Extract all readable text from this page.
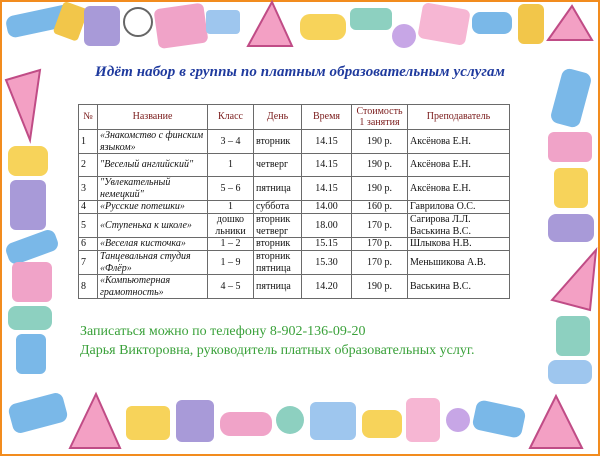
Идёт набор в группы по платным образовательным услугам
№	Название	Класс	День	Время	Стоимость 1 занятия	Преподаватель
1	«Знакомство с финским языком»	3 – 4	вторник	14.15	190 р.	Аксёнова Е.Н.
2	"Веселый английский"	1	четверг	14.15	190 р.	Аксёнова Е.Н.
3	"Увлекательный немецкий"	5 – 6	пятница	14.15	190 р.	Аксёнова Е.Н.
4	«Русские потешки»	1	суббота	14.00	160 р.	Гаврилова О.С.
5	«Ступенька к школе»	дошко льники	вторник четверг	18.00	170 р.	Сагирова Л.Л. Васькина В.С.
6	«Веселая кисточка»	1 – 2	вторник	15.15	170 р.	Шлыкова Н.В.
7	Танцевальная студия «Флёр»	1 – 9	вторник пятница	15.30	170 р.	Меньшикова А.В.
8	«Компьютерная грамотность»	4 – 5	пятница	14.20	190 р.	Васькина В.С.
Записаться можно по телефону 8-902-136-09-20
Дарья Викторовна, руководитель платных образовательных услуг.
